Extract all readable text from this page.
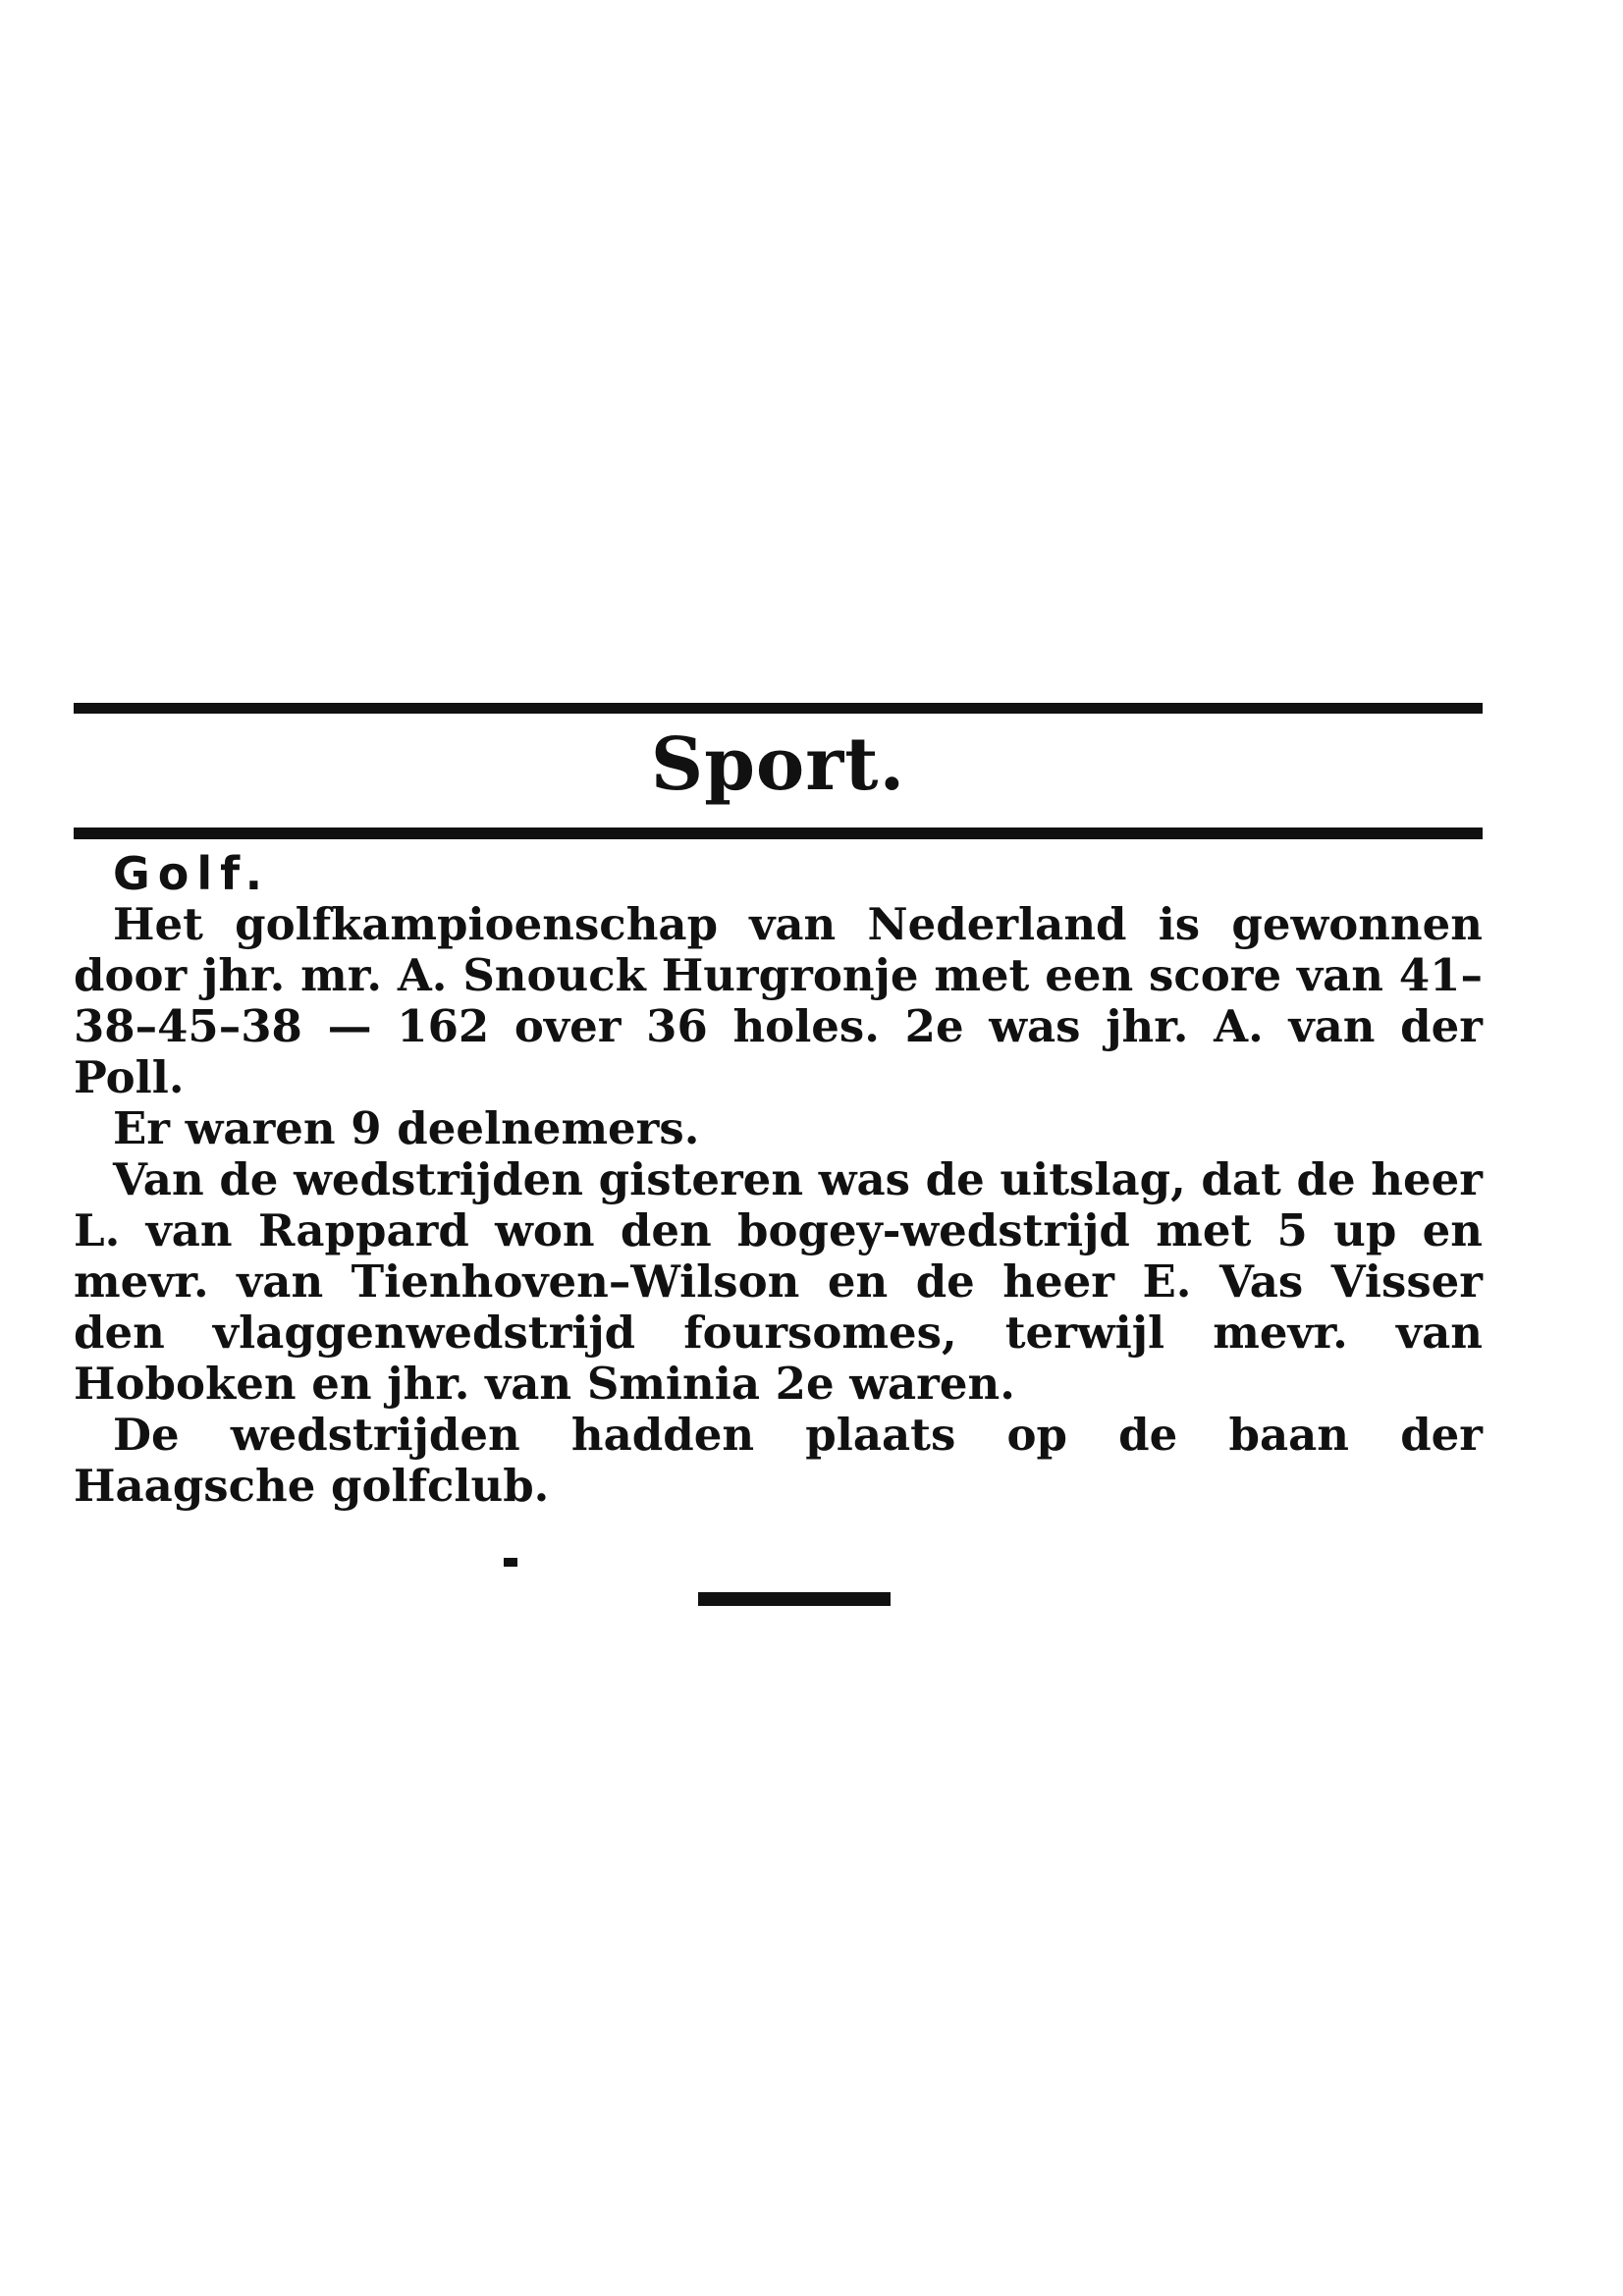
Sport.

Golf.

Het golfkampioenschap van Nederland is gewonnen door jhr. mr. A. Snouck Hurgronje met een score van 41–38–45–38 — 162 over 36 holes. 2e was jhr. A. van der Poll.

Er waren 9 deelnemers.

Van de wedstrijden gisteren was de uitslag, dat de heer L. van Rappard won den bogey-wedstrijd met 5 up en mevr. van Tienhoven–Wilson en de heer E. Vas Visser den vlaggenwedstrijd foursomes, terwijl mevr. van Hoboken en jhr. van Sminia 2e waren.

De wedstrijden hadden plaats op de baan der Haagsche golfclub.
